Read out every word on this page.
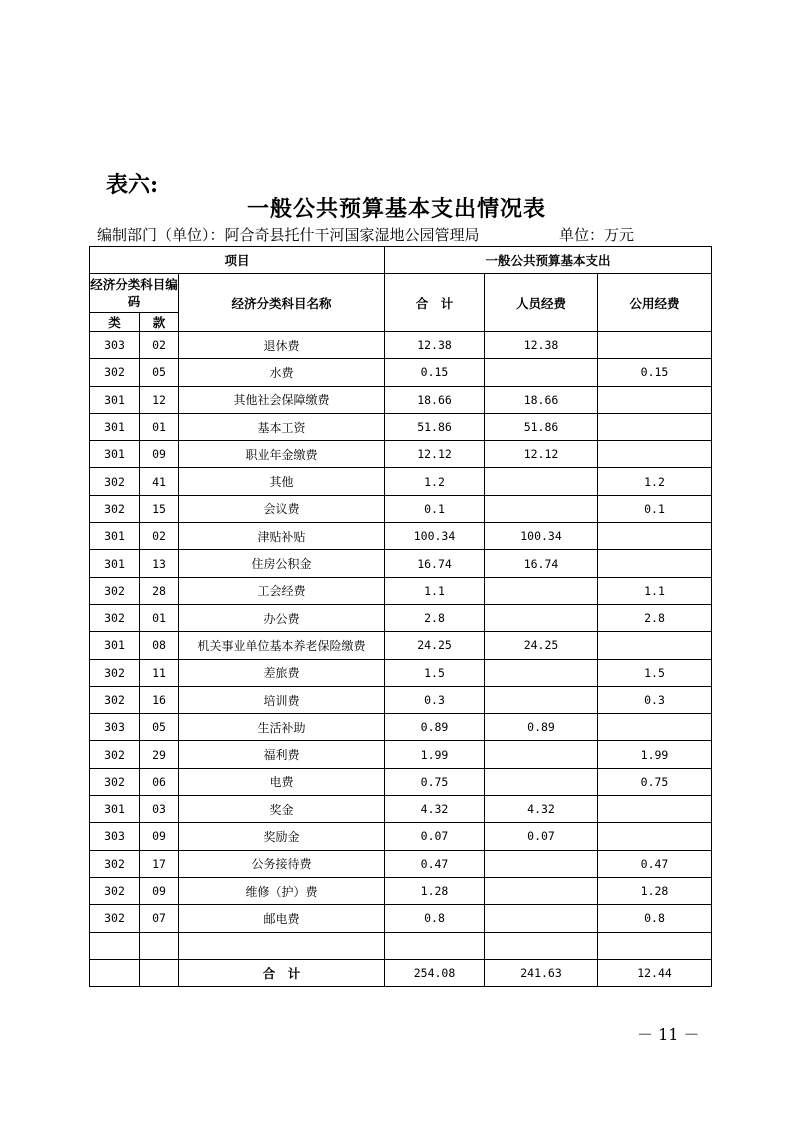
表六:
一般公共预算基本支出情况表
编制部门（单位）：阿合奇县托什干河国家湿地公园管理局	单位：万元
项目			一般公共预算基本支出		
经济分类科目编码		经济分类科目名称	合　计	人员经费	公用经费
类	款				
303	02	退休费	12.38	12.38	
302	05	水费	0.15		0.15
301	12	其他社会保障缴费	18.66	18.66	
301	01	基本工资	51.86	51.86	
301	09	职业年金缴费	12.12	12.12	
302	41	其他	1.2		1.2
302	15	会议费	0.1		0.1
301	02	津贴补贴	100.34	100.34	
301	13	住房公积金	16.74	16.74	
302	28	工会经费	1.1		1.1
302	01	办公费	2.8		2.8
301	08	机关事业单位基本养老保险缴费	24.25	24.25	
302	11	差旅费	1.5		1.5
302	16	培训费	0.3		0.3
303	05	生活补助	0.89	0.89	
302	29	福利费	1.99		1.99
302	06	电费	0.75		0.75
301	03	奖金	4.32	4.32	
303	09	奖励金	0.07	0.07	
302	17	公务接待费	0.47		0.47
302	09	维修（护）费	1.28		1.28
302	07	邮电费	0.8		0.8

		合　计	254.08	241.63	12.44
－ 11 －
